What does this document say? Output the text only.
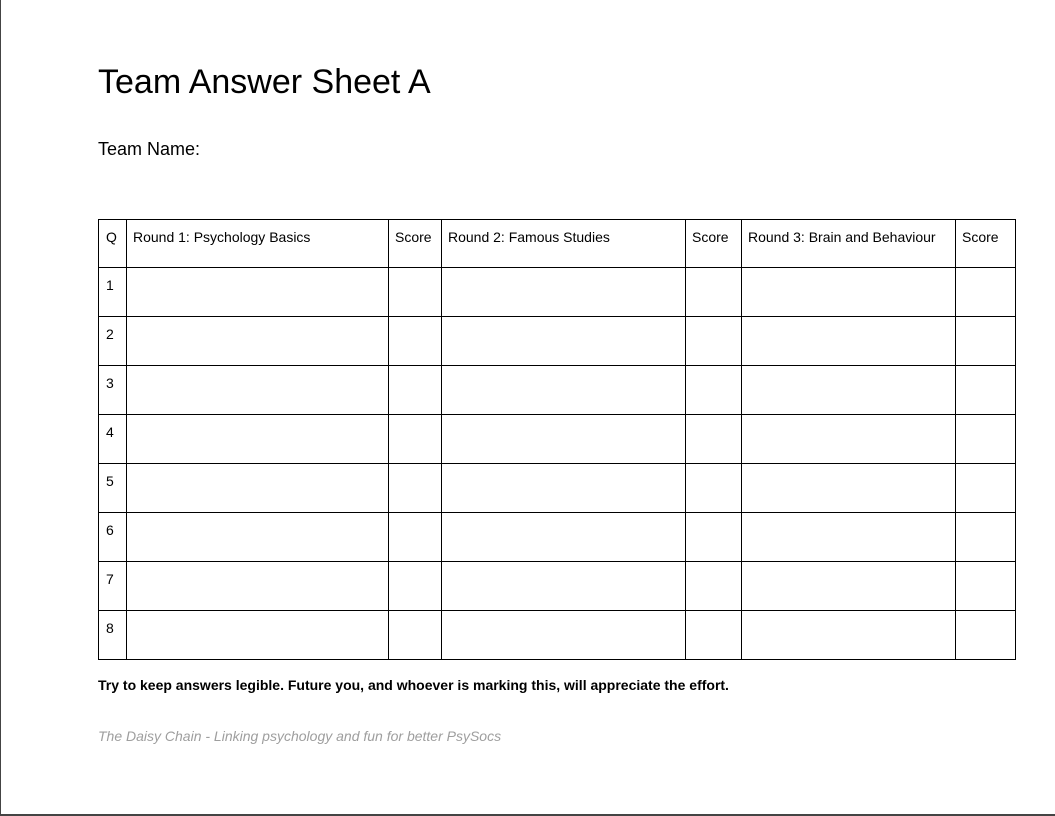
Team Answer Sheet A
Team Name:
Q	Round 1: Psychology Basics	Score	Round 2: Famous Studies	Score	Round 3: Brain and Behaviour	Score
1						
2						
3						
4						
5						
6						
7						
8						
Try to keep answers legible. Future you, and whoever is marking this, will appreciate the effort.
The Daisy Chain - Linking psychology and fun for better PsySocs
